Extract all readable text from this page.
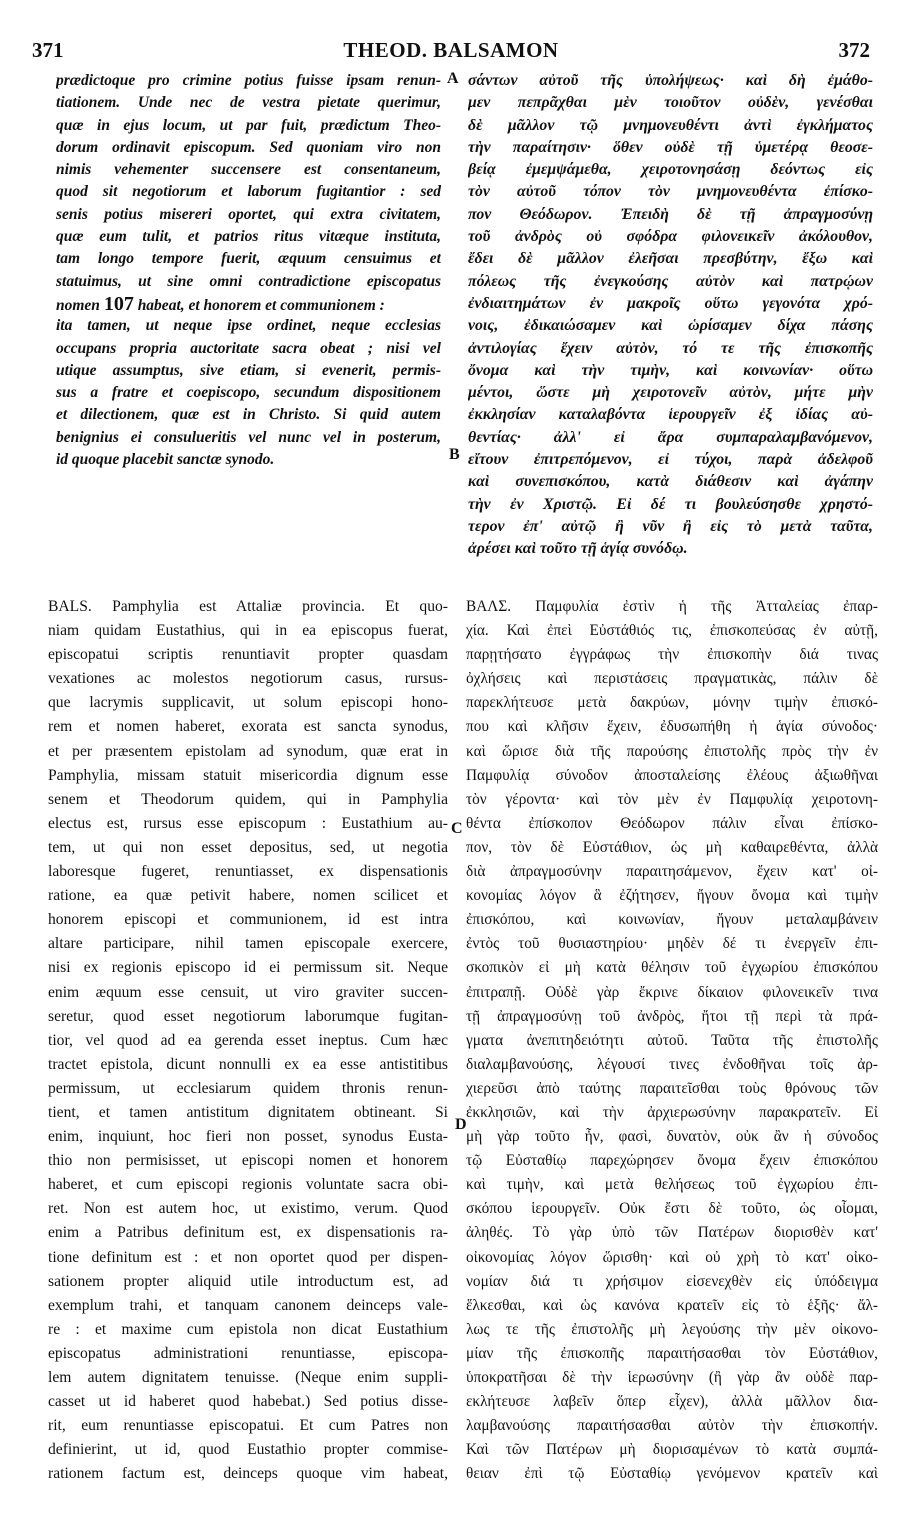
371	THEOD. BALSAMON	372
prædictoque pro crimine potius fuisse ipsam renun-
tiationem. Unde nec de vestra pietate querimur,
quæ in ejus locum, ut par fuit, prædictum Theo-
dorum ordinavit episcopum. Sed quoniam viro non
nimis vehementer succensere est consentaneum,
quod sit negotiorum et laborum fugitantior : sed
senis potius misereri oportet, qui extra civitatem,
quæ eum tulit, et patrios ritus vitæque instituta,
tam longo tempore fuerit, æquum censuimus et
statuimus, ut sine omni contradictione episcopatus
nomen 107 habeat, et honorem et communionem :
ita tamen, ut neque ipse ordinet, neque ecclesias
occupans propria auctoritate sacra obeat ; nisi vel
utique assumptus, sive etiam, si evenerit, permis-
sus a fratre et coepiscopo, secundum dispositionem
et dilectionem, quæ est in Christo. Si quid autem
benignius ei consulueritis vel nunc vel in posterum,
id quoque placebit sanctæ synodo.
σάντων αὐτοῦ τῆς ὑπολήψεως· καὶ δὴ ἐμάθο-
μεν πεπρᾶχθαι μὲν τοιοῦτον οὐδὲν, γενέσθαι
δὲ μᾶλλον τῷ μνημονευθέντι ἀντὶ ἐγκλήματος
τὴν παραίτησιν· ὅθεν οὐδὲ τῇ ὑμετέρᾳ θεοσε-
βείᾳ ἐμεμψάμεθα, χειροτονησάσῃ δεόντως εἰς
τὸν αὐτοῦ τόπον τὸν μνημονευθέντα ἐπίσκο-
πον Θεόδωρον. Ἐπειδὴ δὲ τῇ ἀπραγμοσύνῃ
τοῦ ἀνδρὸς οὐ σφόδρα φιλονεικεῖν ἀκόλουθον,
ἔδει δὲ μᾶλλον ἐλεῆσαι πρεσβύτην, ἔξω καὶ
πόλεως τῆς ἐνεγκούσης αὐτὸν καὶ πατρῴων
ἐνδιαιτημάτων ἐν μακροῖς οὕτω γεγονότα χρό-
νοις, ἐδικαιώσαμεν καὶ ὡρίσαμεν δίχα πάσης
ἀντιλογίας ἔχειν αὐτὸν, τό τε τῆς ἐπισκοπῆς
ὄνομα καὶ τὴν τιμὴν, καὶ κοινωνίαν· οὕτω
μέντοι, ὥστε μὴ χειροτονεῖν αὐτὸν, μήτε μὴν
ἐκκλησίαν καταλαβόντα ἱερουργεῖν ἐξ ἰδίας αὐ-
θεντίας· ἀλλ' εἰ ἄρα συμπαραλαμβανόμενον,
εἴτουν ἐπιτρεπόμενον, εἰ τύχοι, παρὰ ἀδελφοῦ
καὶ συνεπισκόπου, κατὰ διάθεσιν καὶ ἀγάπην
τὴν ἐν Χριστῷ. Εἰ δέ τι βουλεύσησθε χρηστό-
τερον ἐπ' αὐτῷ ἢ νῦν ἢ εἰς τὸ μετὰ ταῦτα,
ἀρέσει καὶ τοῦτο τῇ ἁγίᾳ συνόδῳ.
BALS. Pamphylia est Attaliæ provincia. Et quo-
niam quidam Eustathius, qui in ea episcopus fuerat,
episcopatui scriptis renuntiavit propter quasdam
vexationes ac molestos negotiorum casus, rursus-
que lacrymis supplicavit, ut solum episcopi hono-
rem et nomen haberet, exorata est sancta synodus,
et per præsentem epistolam ad synodum, quæ erat in
Pamphylia, missam statuit misericordia dignum esse
senem et Theodorum quidem, qui in Pamphylia
electus est, rursus esse episcopum : Eustathium au-
tem, ut qui non esset depositus, sed, ut negotia
laboresque fugeret, renuntiasset, ex dispensationis
ratione, ea quæ petivit habere, nomen scilicet et
honorem episcopi et communionem, id est intra
altare participare, nihil tamen episcopale exercere,
nisi ex regionis episcopo id ei permissum sit. Neque
enim æquum esse censuit, ut viro graviter succen-
seretur, quod esset negotiorum laborumque fugitan-
tior, vel quod ad ea gerenda esset ineptus. Cum hæc
tractet epistola, dicunt nonnulli ex ea esse antistitibus
permissum, ut ecclesiarum quidem thronis renun-
tient, et tamen antistitum dignitatem obtineant. Si
enim, inquiunt, hoc fieri non posset, synodus Eusta-
thio non permisisset, ut episcopi nomen et honorem
haberet, et cum episcopi regionis voluntate sacra obi-
ret. Non est autem hoc, ut existimo, verum. Quod
enim a Patribus definitum est, ex dispensationis ra-
tione definitum est : et non oportet quod per dispen-
sationem propter aliquid utile introductum est, ad
exemplum trahi, et tanquam canonem deinceps vale-
re : et maxime cum epistola non dicat Eustathium
episcopatus administrationi renuntiasse, episcopa-
lem autem dignitatem tenuisse. (Neque enim suppli-
casset ut id haberet quod habebat.) Sed potius disse-
rit, eum renuntiasse episcopatui. Et cum Patres non
definierint, ut id, quod Eustathio propter commise-
rationem factum est, deinceps quoque vim habeat,
ΒΑΛΣ. Παμφυλία ἐστὶν ἡ τῆς Ἀτταλείας ἐπαρ-
χία. Καὶ ἐπεὶ Εὐστάθιός τις, ἐπισκοπεύσας ἐν αὐτῇ,
παρῃτήσατο ἐγγράφως τὴν ἐπισκοπὴν διά τινας
ὀχλήσεις καὶ περιστάσεις πραγματικὰς, πάλιν δὲ
παρεκλήτευσε μετὰ δακρύων, μόνην τιμὴν ἐπισκό-
που καὶ κλῆσιν ἔχειν, ἐδυσωπήθη ἡ ἁγία σύνοδος·
καὶ ὥρισε διὰ τῆς παρούσης ἐπιστολῆς πρὸς τὴν ἐν
Παμφυλίᾳ σύνοδον ἀποσταλείσης ἐλέους ἀξιωθῆναι
τὸν γέροντα· καὶ τὸν μὲν ἐν Παμφυλίᾳ χειροτονη-
θέντα ἐπίσκοπον Θεόδωρον πάλιν εἶναι ἐπίσκο-
πον, τὸν δὲ Εὐστάθιον, ὡς μὴ καθαιρεθέντα, ἀλλὰ
διὰ ἀπραγμοσύνην παραιτησάμενον, ἔχειν κατ' οἰ-
κονομίας λόγον ἃ ἐζήτησεν, ἤγουν ὄνομα καὶ τιμὴν
ἐπισκόπου, καὶ κοινωνίαν, ἤγουν μεταλαμβάνειν
ἐντὸς τοῦ θυσιαστηρίου· μηδὲν δέ τι ἐνεργεῖν ἐπι-
σκοπικὸν εἰ μὴ κατὰ θέλησιν τοῦ ἐγχωρίου ἐπισκόπου
ἐπιτραπῇ. Οὐδὲ γὰρ ἔκρινε δίκαιον φιλονεικεῖν τινα
τῇ ἀπραγμοσύνῃ τοῦ ἀνδρὸς, ἤτοι τῇ περὶ τὰ πρά-
γματα ἀνεπιτηδειότητι αὐτοῦ. Ταῦτα τῆς ἐπιστολῆς
διαλαμβανούσης, λέγουσί τινες ἐνδοθῆναι τοῖς ἀρ-
χιερεῦσι ἀπὸ ταύτης παραιτεῖσθαι τοὺς θρόνους τῶν
ἐκκλησιῶν, καὶ τὴν ἀρχιερωσύνην παρακρατεῖν. Εἰ
μὴ γὰρ τοῦτο ἦν, φασὶ, δυνατὸν, οὐκ ἂν ἡ σύνοδος
τῷ Εὐσταθίῳ παρεχώρησεν ὄνομα ἔχειν ἐπισκόπου
καὶ τιμὴν, καὶ μετὰ θελήσεως τοῦ ἐγχωρίου ἐπι-
σκόπου ἱερουργεῖν. Οὐκ ἔστι δὲ τοῦτο, ὡς οἶομαι,
ἀληθές. Τὸ γὰρ ὑπὸ τῶν Πατέρων διορισθὲν κατ'
οἰκονομίας λόγον ὥρισθη· καὶ οὐ χρὴ τὸ κατ' οἰκο-
νομίαν διά τι χρήσιμον εἰσενεχθὲν εἰς ὑπόδειγμα
ἕλκεσθαι, καὶ ὡς κανόνα κρατεῖν εἰς τὸ ἑξῆς· ἄλ-
λως τε τῆς ἐπιστολῆς μὴ λεγούσης τὴν μὲν οἰκονο-
μίαν τῆς ἐπισκοπῆς παραιτήσασθαι τὸν Εὐστάθιον,
ὑποκρατῆσαι δὲ τὴν ἱερωσύνην (ἢ γὰρ ἂν οὐδὲ παρ-
εκλήτευσε λαβεῖν ὅπερ εἶχεν), ἀλλὰ μᾶλλον δια-
λαμβανούσης παραιτήσασθαι αὐτὸν τὴν ἐπισκοπήν.
Καὶ τῶν Πατέρων μὴ διορισαμένων τὸ κατὰ συμπά-
θειαν ἐπὶ τῷ Εὐσταθίῳ γενόμενον κρατεῖν καὶ
A
B
C
D
